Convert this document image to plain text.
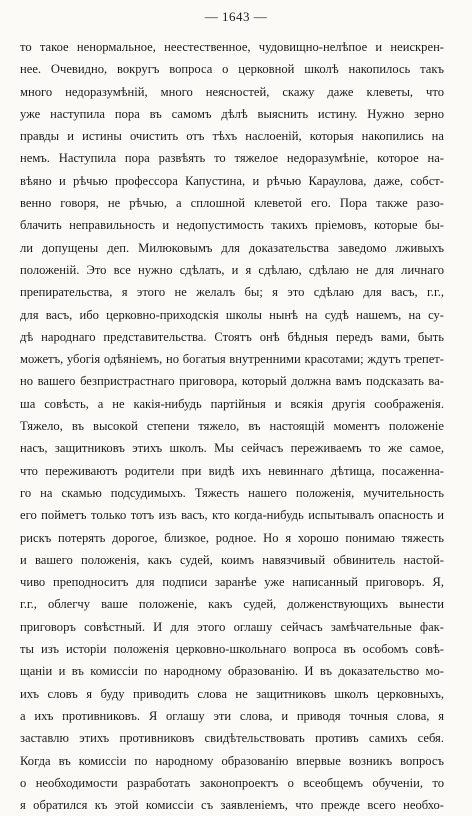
— 1643 —
то такое ненормальное, неестественное, чудовищно-нелѣпое и неискрен-
нее. Очевидно, вокругъ вопроса о церковной школѣ накопилось такъ
много недоразумѣній, много неясностей, скажу даже клеветы, что
уже наступила пора въ самомъ дѣлѣ выяснить истину. Нужно зерно
правды и истины очистить отъ тѣхъ наслоеній, которыя накопились на
немъ. Наступила пора развѣять то тяжелое недоразумѣніе, которое на-
вѣяно и рѣчью профессора Капустина, и рѣчью Караулова, даже, собст-
венно говоря, не рѣчью, а сплошной клеветой его. Пора также разо-
блачить неправильность и недопустимость такихъ пріемовъ, которые бы-
ли допущены деп. Милюковымъ для доказательства заведомо лживыхъ
положеній. Это все нужно сдѣлать, и я сдѣлаю, сдѣлаю не для личнаго
препирательства, я этого не желалъ бы; я это сдѣлаю для васъ, г.г.,
для васъ, ибо церковно-приходскія школы нынѣ на судѣ нашемъ, на су-
дѣ народнаго представительства. Стоятъ онѣ бѣдныя передъ вами, быть
можетъ, убогія одѣяніемъ, но богатыя внутренними красотами; ждутъ трепет-
но вашего безпристрастнаго приговора, который должна вамъ подсказать ва-
ша совѣсть, а не какія-нибудь партійныя и всякія другія соображенія.
Тяжело, въ высокой степени тяжело, въ настоящій моментъ положеніе
насъ, защитниковъ этихъ школъ. Мы сейчасъ переживаемъ то же самое,
что переживаютъ родители при видѣ ихъ невиннаго дѣтища, посаженна-
го на скамью подсудимыхъ. Тяжесть нашего положенія, мучительность
его пойметъ только тотъ изъ васъ, кто когда-нибудь испытывалъ опасность и
рискъ потерять дорогое, близкое, родное. Но я хорошо понимаю тяжесть
и вашего положенія, какъ судей, коимъ навязчивый обвинитель настой-
чиво преподноситъ для подписи заранѣе уже написанный приговоръ. Я,
г.г., облегчу ваше положеніе, какъ судей, долженствующихъ вынести
приговоръ совѣстный. И для этого оглашу сейчасъ замѣчательные фак-
ты изъ исторіи положенія церковно-школьнаго вопроса въ особомъ совѣ-
щаніи и въ комиссіи по народному образованію. И въ доказательство мо-
ихъ словъ я буду приводить слова не защитниковъ школъ церковныхъ,
а ихъ противниковъ. Я оглашу эти слова, и приводя точныя слова, я
заставлю этихъ противниковъ свидѣтельствовать противъ самихъ себя.
Когда въ комиссіи по народному образованію впервые возникъ вопросъ
о необходимости разработать законопроектъ о всеобщемъ обученіи, то
я обратился къ этой комиссіи съ заявленіемъ, что прежде всего необхо-
